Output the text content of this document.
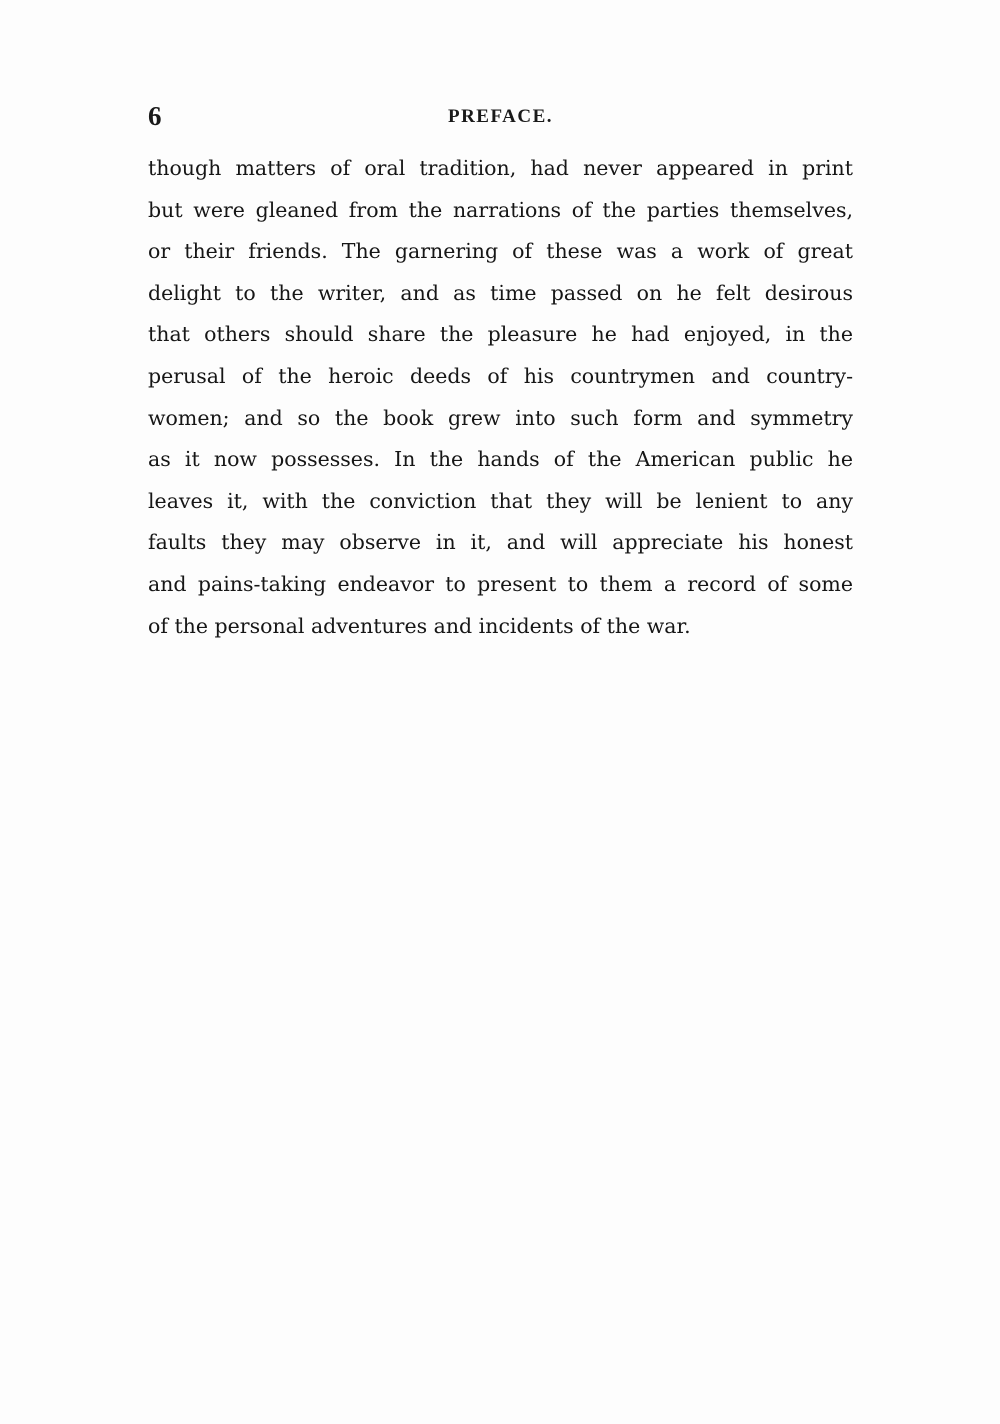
6	PREFACE.
though matters of oral tradition, had never appeared in print
but were gleaned from the narrations of the parties themselves,
or their friends. The garnering of these was a work of great
delight to the writer, and as time passed on he felt desirous
that others should share the pleasure he had enjoyed, in the
perusal of the heroic deeds of his countrymen and country-
women; and so the book grew into such form and symmetry
as it now possesses. In the hands of the American public he
leaves it, with the conviction that they will be lenient to any
faults they may observe in it, and will appreciate his honest
and pains-taking endeavor to present to them a record of some
of the personal adventures and incidents of the war.
